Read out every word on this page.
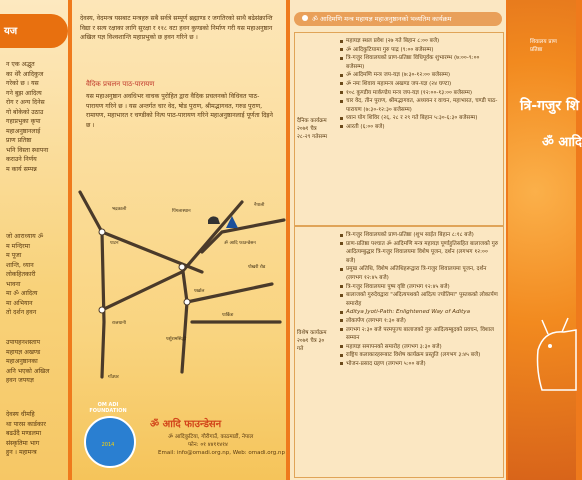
यज
न एक अद्भुत
का थेरै आदिकुज
गरेको छ । यस
गने बुझ आदित्य
रोग र अन्य दिनेस
गो बोकेको उठाउ
गहाप्रभुका कृपा
महाअनुष्ठानलाई
प्राण प्रतिष्ठा
भनि विस्ता स्थापना
कराउने निर्णय
म कार्य सम्पन्न
जो आराध्याय ॐ
म मन्दिरमा
म पूजा
शान्ति, ध्यान
लोकहितकारी
भावना
मा ॐ आदित्य
मा अभियान
तो दर्शन हवन
उपायहनशस्ताप
महायज्ञ अखण्ड
महाअनुष्ठानका
अनि भएको अखिल
हवन जपयज्ञ
देवस्य धीमहि
था पारस कार्डकार
बढउँदै मण्डलमा
संस्कृतिमा भाग
हुन । महामन्त्र
देवस्य, वेदमन्त्र यसबाट मन्त्रहरु सबै सर्वत्रे सम्पूर्ण ब्रह्माण्ड र जगतिरको साथै बढेसंक्रान्ति विद्या र सत्य रक्षाका लागि सुरक्षा र ११८ वटा हवन कुण्डको निर्माण गरी यस महाअनुष्ठान अखिल यज्ञ विश्वशान्ति महाप्रभुको छ हवन गरिने छ ।
वैदिक प्रचलन पाठ-पारायण
यस महाअनुष्ठान अवधिभर वाचक पुरोहित द्वारा वैदिक प्रचलनको विधिवत पाठ-पारायण गरिने छ । यस अन्तर्गत चार वेद, षोड पुराण, श्रीमद्भागवत, गरुड पुराण, रामायण, महाभारत र चण्डीको नित्य पाठ-पारायण गरिने महाअनुष्ठानलाई पूर्णता दिइने छ ।
भद्रकाली	पिंगलास्थान
नैपाली
ॐ आदि फाउन्डेसन
पाटन
पोखरी रोड
राजधानी
पर्खाल
पर्शुरामसिद्धी
पार्किङ
गाँउघर
OM ADI FOUNDATION
2014
ॐ आदि फाउन्डेसन
ॐ आदिकुटिया, गौरीगाउँ, काठमाडौं, नेपाल
फोन: ०१ ४४११४१४
Email: info@omadi.org.np, Web: omadi.org.np
ॐ आदिमणि मन्त्र महायज्ञ महाअनुष्ठानको भव्यतिम कार्यक्रम
दैनिक कार्यक्रम
२०७१ चैत्र
२८-२९ गतेसम्म
महायज्ञ स्थल प्रवेश (२७ गते बिहान ८:०० बजे)
ॐ आदिकुटियामा गुरु पाद्र (९:०० बजेसम्म)
त्रि-गजुर शिवालयको प्राण-प्रतिष्ठा विधिपूर्वक शुभारम्भ (७:००-९:०० बजेसम्म)
ॐ आदिमणि मन्त्र जप-यज्ञ (७:३०-१२:०० बजेसम्म)
ॐ नमः शिवाय महामन्त्र अखण्ड जप-यज्ञ (२४ घण्टा)
१०८ कुण्डीय मार्कण्डेय मन्त्र जप-यज्ञ (१२:००-१३:०० बजेसम्म)
चार वेद, तीन पुराण, श्रीमद्भागवत, अध्ययन र वाचन, महाभारत, चण्डी पाठ-पारायण (७:३०-१२:३० बजेसम्म)
ध्यान योग शिविर (२६, २८ र २९ गते बिहान ५:३०-६:३० बजेसम्म)
आरती (६:०० बजे)
विशेष कार्यक्रम
२०७१ चैत्र ३०
गते
त्रि-गजुर शिवालयको प्राण-प्रतिष्ठा (शुभ साईत बिहान ८:१८ बजे)
प्राण-प्रतिष्ठा पश्चात ॐ आदिमणि मन्त्र महायज्ञ पूर्णाहुतिसहित बालाजको गुरु आदित्यम्बुद्धार त्रि-गजुर शिवालयमा विशेष पूजन, दर्शन (लगभग १२:०० बजे)
प्रमुख अतिथि, विशेष अतिथिहरूद्वारा त्रि-गजुर शिवालयमा पूजन, दर्शन (लगभग १२:४५ बजे)
त्रि-गजुर शिवालयमा पुष्प वृष्टि (लगभग १२:४५ बजे)
बालाजको गुरुदेवद्वारा "अदित्यपथको आदित्य ज्योतिमा" पुस्तकको लोकार्पण समारोह
Aditya Jyoti-Path: Enlightened Way of Aditya
लोकार्पण (लगभग १:३० बजे)
लगभग २:३० बजे परमपूज्य बालाजको गुरु आदित्यम्बुदको प्रवचन, विशाल सम्मान
महायज्ञ समापनको समारोह (लगभग ३:३० बजे)
राष्ट्रिय कलाकारहरूबाट विशेष कार्यक्रम प्रस्तुति (लगभग ३:४५ बजे)
भोजन-प्रसाद ग्रहण (लगभग ५:०० बजे)
शिवालय प्राण
प्रतिष्ठा
त्रि-गजुर शि
ॐ आदि
